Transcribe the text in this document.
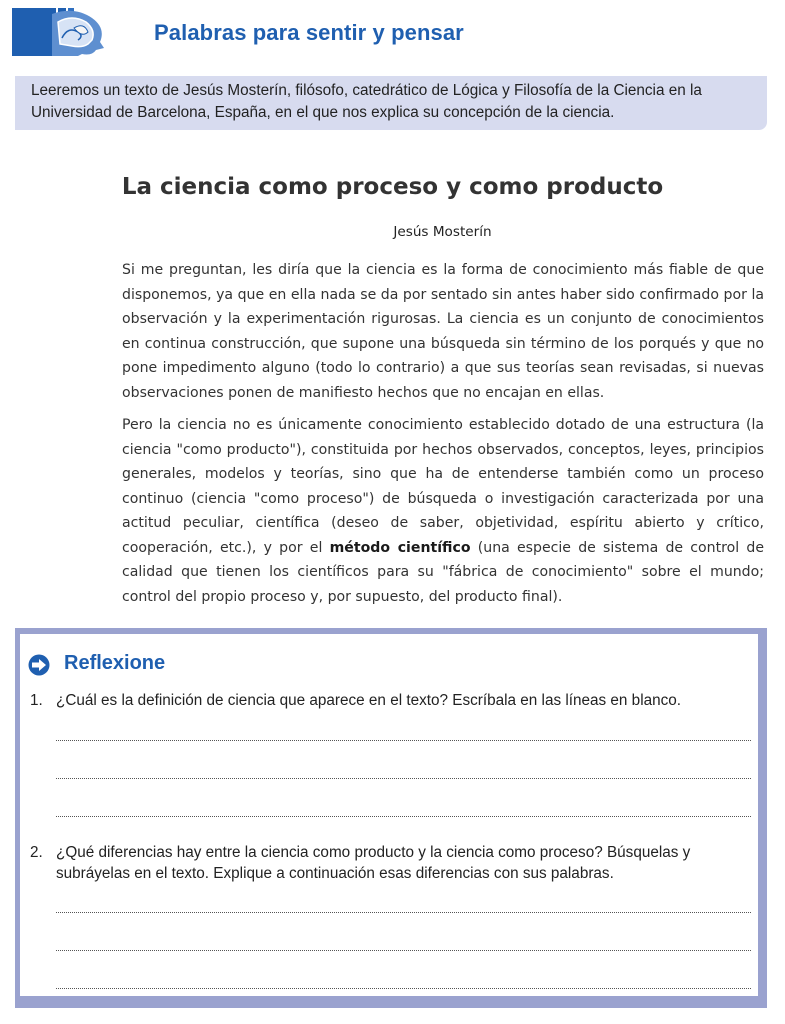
Palabras para sentir y pensar
Leeremos un texto de Jesús Mosterín, filósofo, catedrático de Lógica y Filosofía de la Ciencia en la Universidad de Barcelona, España, en el que nos explica su concepción de la ciencia.
La ciencia como proceso y como producto
Jesús Mosterín

Si me preguntan, les diría que la ciencia es la forma de conocimiento más fiable de que disponemos, ya que en ella nada se da por sentado sin antes haber sido confirmado por la observación y la experimentación rigurosas. La ciencia es un conjunto de conocimientos en continua construcción, que supone una búsqueda sin término de los porqués y que no pone impedimento alguno (todo lo contrario) a que sus teorías sean revisadas, si nuevas observaciones ponen de manifiesto hechos que no encajan en ellas.

Pero la ciencia no es únicamente conocimiento establecido dotado de una estructura (la ciencia "como producto"), constituida por hechos observados, conceptos, leyes, principios generales, modelos y teorías, sino que ha de entenderse también como un proceso continuo (ciencia "como proceso") de búsqueda o investigación caracterizada por una actitud peculiar, científica (deseo de saber, objetividad, espíritu abierto y crítico, cooperación, etc.), y por el método científico (una especie de sistema de control de calidad que tienen los científicos para su "fábrica de conocimiento" sobre el mundo; control del propio proceso y, por supuesto, del producto final).

Reflexione
1. ¿Cuál es la definición de ciencia que aparece en el texto? Escríbala en las líneas en blanco.
2. ¿Qué diferencias hay entre la ciencia como producto y la ciencia como proceso? Búsquelas y subráyelas en el texto. Explique a continuación esas diferencias con sus palabras.
